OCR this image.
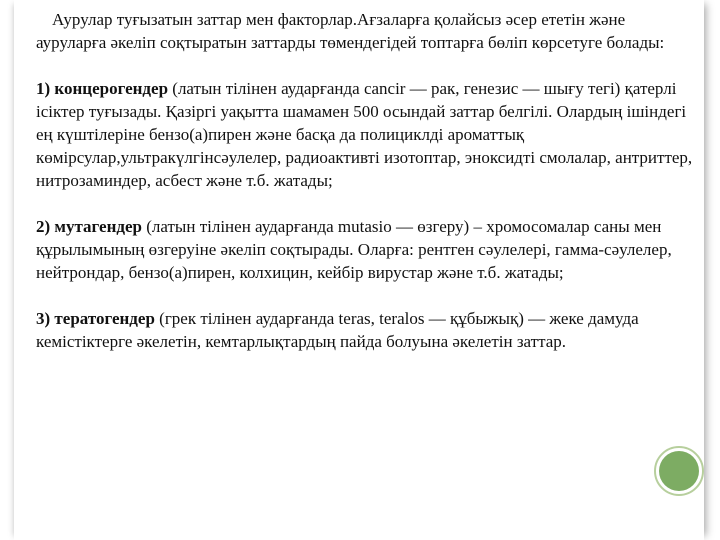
Аурулар туғызатын заттар мен факторлар.Ағзаларға қолайсыз әсер ететін және ауруларға әкеліп соқтыратын заттарды төмендегідей топтарға бөліп көрсетуге болады:

1) концерогендер (латын тілінен аударғанда cancir — рак, генезис — шығу тегі) қатерлі ісіктер туғызады. Қазіргі уақытта шамамен 500 осындай заттар белгілі. Олардың ішіндегі ең күштілеріне бензо(а)пирен және басқа да полициклді ароматтық көмірсулар,ультракүлгінсәулелер, радиоактивті изотоптар, эноксидті смолалар, антриттер, нитрозаминдер, асбест және т.б. жатады;

2) мутагендер (латын тілінен аударғанда mutasio — өзгеру) – хромосомалар саны мен құрылымының өзгеруіне әкеліп соқтырады. Оларға: рентген сәулелері, гамма-сәулелер, нейтрондар, бензо(а)пирен, колхицин, кейбір вирустар және т.б. жатады;

3) тератогендер (грек тілінен аударғанда teras, teralos — құбыжық) — жеке дамуда кемістіктерге әкелетін, кемтарлықтардың пайда болуына әкелетін заттар.
